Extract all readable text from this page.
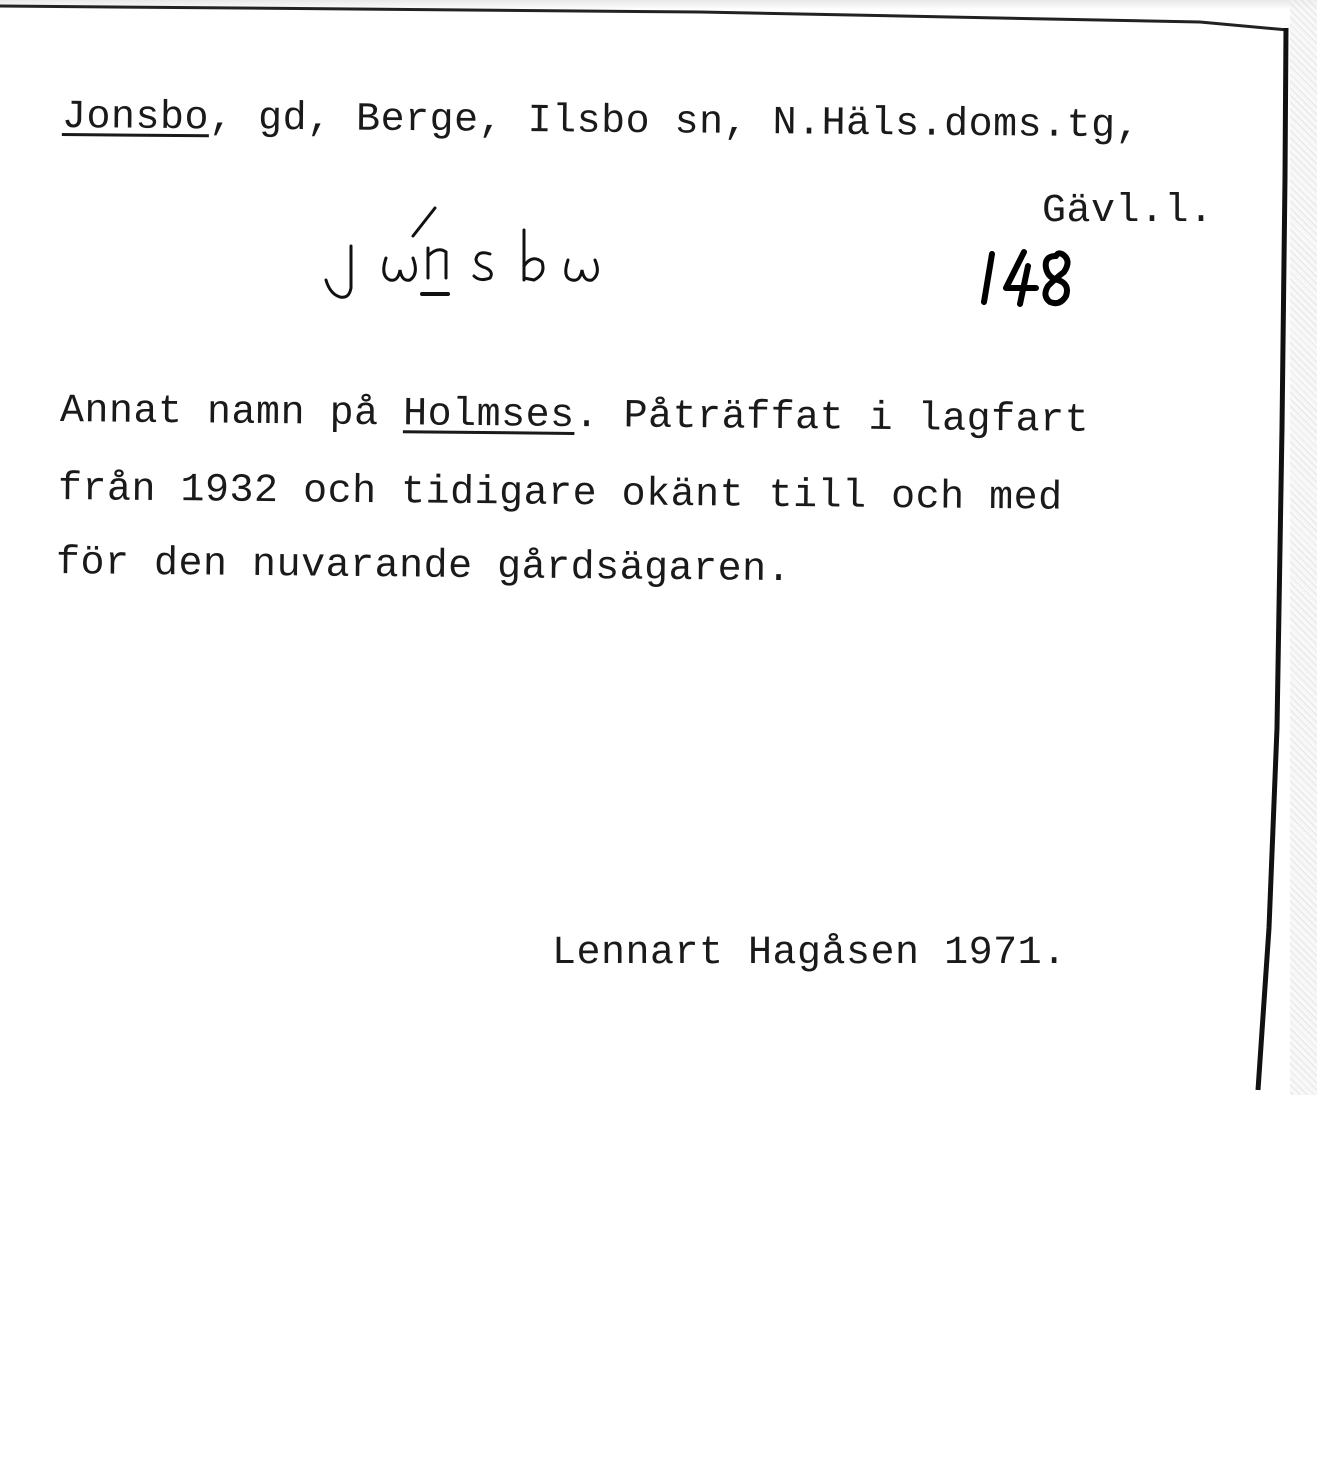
Jonsbo, gd, Berge, Ilsbo sn, N.Häls.doms.tg,

Gävl.l.

Annat namn på Holmses. Påträffat i lagfart

från 1932 och tidigare okänt till och med

för den nuvarande gårdsägaren.

Lennart Hagåsen 1971.
